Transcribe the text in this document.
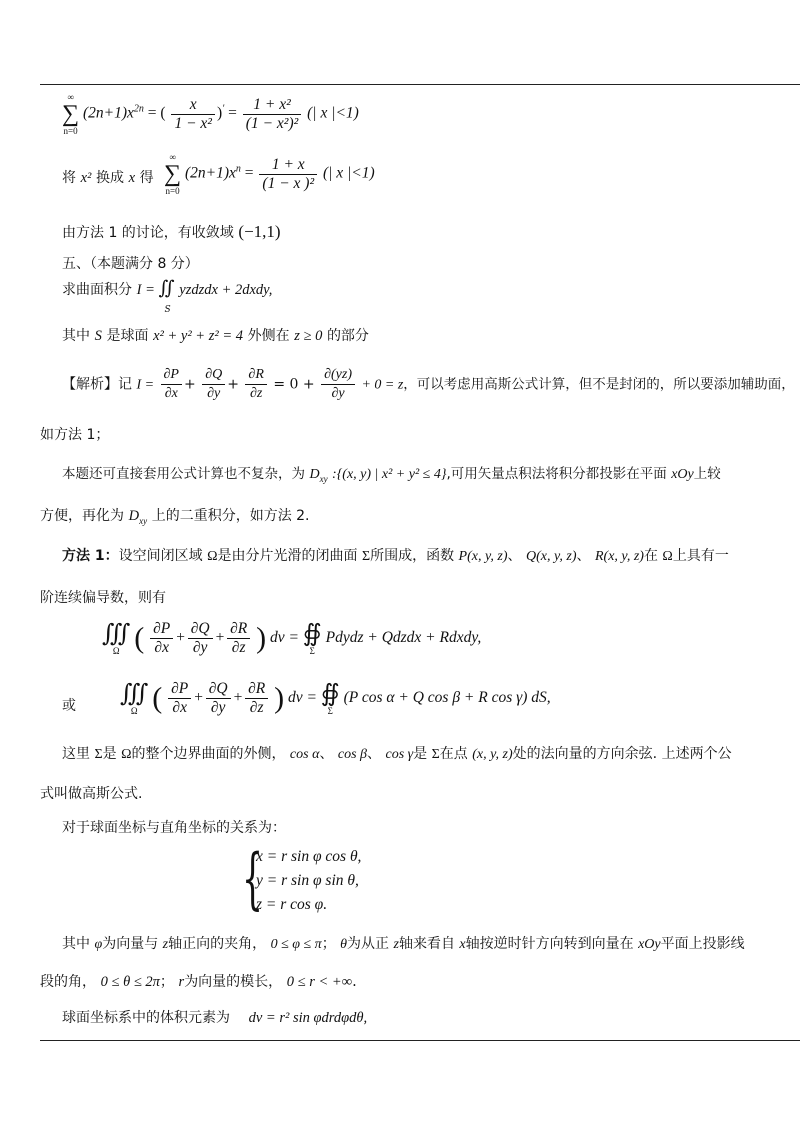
∞
∑
n=0
$(2n+1)x^{2n}$ = ( $\frac{x}{\text{1 − x²}} )' = \frac{\text{1 + x²}}{\text{(1 − x²)²}}$ (| x |<1)
将 x² 换成 x 得
∞
∑
n=0
$(2n+1)x^n = \frac{1 + x}{\text{(1 − x )²}}$ (| x |<1)
由方法 1 的讨论，有收敛域 (−1,1)
五、（本题满分 8 分）
求曲面积分 I = ∬
S
yzdzdx + 2dxdy,
其中 S 是球面 x² + y² + z² = 4 外侧在 z ≥ 0 的部分
【解析】记 $I = \frac{\partial P}{\partial x} + \frac{\partial Q}{\partial y} + \frac{\partial R}{\partial z} = 0 + \frac{\partial(yz)}{\partial y} + 0 = z$，可以考虑用高斯公式计算，但不是封闭的，所以要添加辅助面，
如方法 1；
本题还可直接套用公式计算也不复杂，为 $D_{xy}$ :{(x, y) | x² + y² ≤ 4},可用矢量点积法将积分都投影在平面 xOy上较
方便，再化为 $D_{xy}$ 上的二重积分，如方法 2.
方法 1：设空间闭区域 Ω是由分片光滑的闭曲面 Σ所围成，函数 P(x, y, z)、 Q(x, y, z)、 R(x, y, z)在 Ω上具有一
阶连续偏导数，则有
∭
Ω ( $\frac{\partial P}{\partial x} + \frac{\partial Q}{\partial y} + \frac{\partial R}{\partial z}$ ) dv = ∯
Σ
Pdydz + Qdzdx + Rdxdy,
或 ∭
Ω ( $\frac{\partial P}{\partial x} + \frac{\partial Q}{\partial y} + \frac{\partial R}{\partial z}$ ) dv = ∯
Σ
(P cos α + Q cos β + R cos γ) dS,
这里 Σ是 Ω的整个边界曲面的外侧， cos α、 cos β、 cos γ是 Σ在点 (x, y, z)处的法向量的方向余弦. 上述两个公
式叫做高斯公式.
对于球面坐标与直角坐标的关系为：
{
x = r sin φ cos θ,
y = r sin φ sin θ,
z = r cos φ.
其中 φ为向量与 z轴正向的夹角， 0 ≤ φ ≤ π； θ为从正 z轴来看自 x轴按逆时针方向转到向量在 xOy平面上投影线
段的角， 0 ≤ θ ≤ 2π； r为向量的模长， 0 ≤ r < +∞.
球面坐标系中的体积元素为 dv = r² sin φdrdφdθ,
